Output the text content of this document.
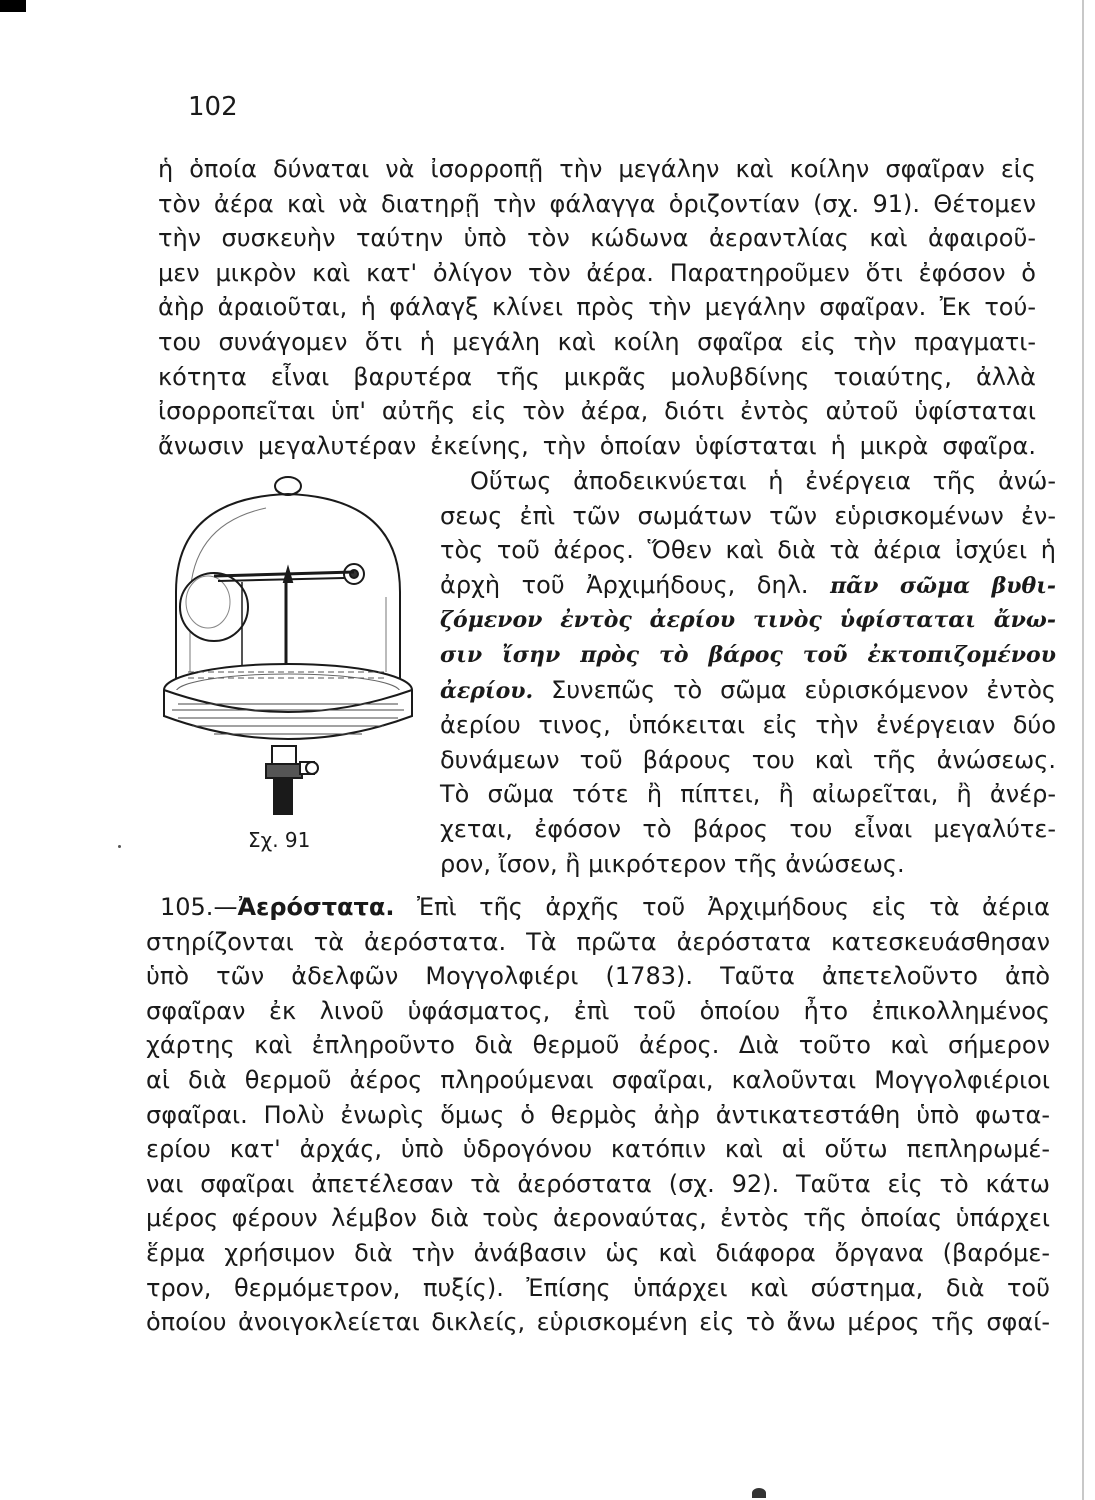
102
ἡ ὁποία δύναται νὰ ἰσορροπῇ τὴν μεγάλην καὶ κοίλην σφαῖραν εἰς
τὸν ἀέρα καὶ νὰ διατηρῇ τὴν φάλαγγα ὁριζοντίαν (σχ. 91). Θέτομεν
τὴν συσκευὴν ταύτην ὑπὸ τὸν κώδωνα ἀεραντλίας καὶ ἀφαιροῦ-
μεν μικρὸν καὶ κατ' ὀλίγον τὸν ἀέρα. Παρατηροῦμεν ὅτι ἐφόσον ὁ
ἀὴρ ἀραιοῦται, ἡ φάλαγξ κλίνει πρὸς τὴν μεγάλην σφαῖραν. Ἐκ τού-
του συνάγομεν ὅτι ἡ μεγάλη καὶ κοίλη σφαῖρα εἰς τὴν πραγματι-
κότητα εἶναι βαρυτέρα τῆς μικρᾶς μολυβδίνης τοιαύτης, ἀλλὰ
ἰσορροπεῖται ὑπ' αὐτῆς εἰς τὸν ἀέρα, διότι ἐντὸς αὐτοῦ ὑφίσταται
ἄνωσιν μεγαλυτέραν ἐκείνης, τὴν ὁποίαν ὑφίσταται ἡ μικρὰ σφαῖρα.
Σχ. 91
Οὕτως ἀποδεικνύεται ἡ ἐνέργεια τῆς ἀνώ-
σεως ἐπὶ τῶν σωμάτων τῶν εὑρισκομένων ἐν-
τὸς τοῦ ἀέρος. Ὅθεν καὶ διὰ τὰ ἀέρια ἰσχύει ἡ
ἀρχὴ τοῦ Ἀρχιμήδους, δηλ. πᾶν σῶμα βυθι-
ζόμενον ἐντὸς ἀερίου τινὸς ὑφίσταται ἄνω-
σιν ἴσην πρὸς τὸ βάρος τοῦ ἐκτοπιζομένου
ἀερίου. Συνεπῶς τὸ σῶμα εὑρισκόμενον ἐντὸς
ἀερίου τινος, ὑπόκειται εἰς τὴν ἐνέργειαν δύο
δυνάμεων τοῦ βάρους του καὶ τῆς ἀνώσεως.
Τὸ σῶμα τότε ἢ πίπτει, ἢ αἰωρεῖται, ἢ ἀνέρ-
χεται, ἐφόσον τὸ βάρος του εἶναι μεγαλύτε-
ρον, ἴσον, ἢ μικρότερον τῆς ἀνώσεως.
105.—Ἀερόστατα. Ἐπὶ τῆς ἀρχῆς τοῦ Ἀρχιμήδους εἰς τὰ ἀέρια
στηρίζονται τὰ ἀερόστατα. Τὰ πρῶτα ἀερόστατα κατεσκευάσθησαν
ὑπὸ τῶν ἀδελφῶν Μογγολφιέρι (1783). Ταῦτα ἀπετελοῦντο ἀπὸ
σφαῖραν ἐκ λινοῦ ὑφάσματος, ἐπὶ τοῦ ὁποίου ἦτο ἐπικολλημένος
χάρτης καὶ ἐπληροῦντο διὰ θερμοῦ ἀέρος. Διὰ τοῦτο καὶ σήμερον
αἱ διὰ θερμοῦ ἀέρος πληρούμεναι σφαῖραι, καλοῦνται Μογγολφιέριοι
σφαῖραι. Πολὺ ἐνωρὶς ὅμως ὁ θερμὸς ἀὴρ ἀντικατεστάθη ὑπὸ φωτα-
ερίου κατ' ἀρχάς, ὑπὸ ὑδρογόνου κατόπιν καὶ αἱ οὕτω πεπληρωμέ-
ναι σφαῖραι ἀπετέλεσαν τὰ ἀερόστατα (σχ. 92). Ταῦτα εἰς τὸ κάτω
μέρος φέρουν λέμβον διὰ τοὺς ἀεροναύτας, ἐντὸς τῆς ὁποίας ὑπάρχει
ἕρμα χρήσιμον διὰ τὴν ἀνάβασιν ὡς καὶ διάφορα ὄργανα (βαρόμε-
τρον, θερμόμετρον, πυξίς). Ἐπίσης ὑπάρχει καὶ σύστημα, διὰ τοῦ
ὁποίου ἀνοιγοκλείεται δικλείς, εὑρισκομένη εἰς τὸ ἄνω μέρος τῆς σφαί-
